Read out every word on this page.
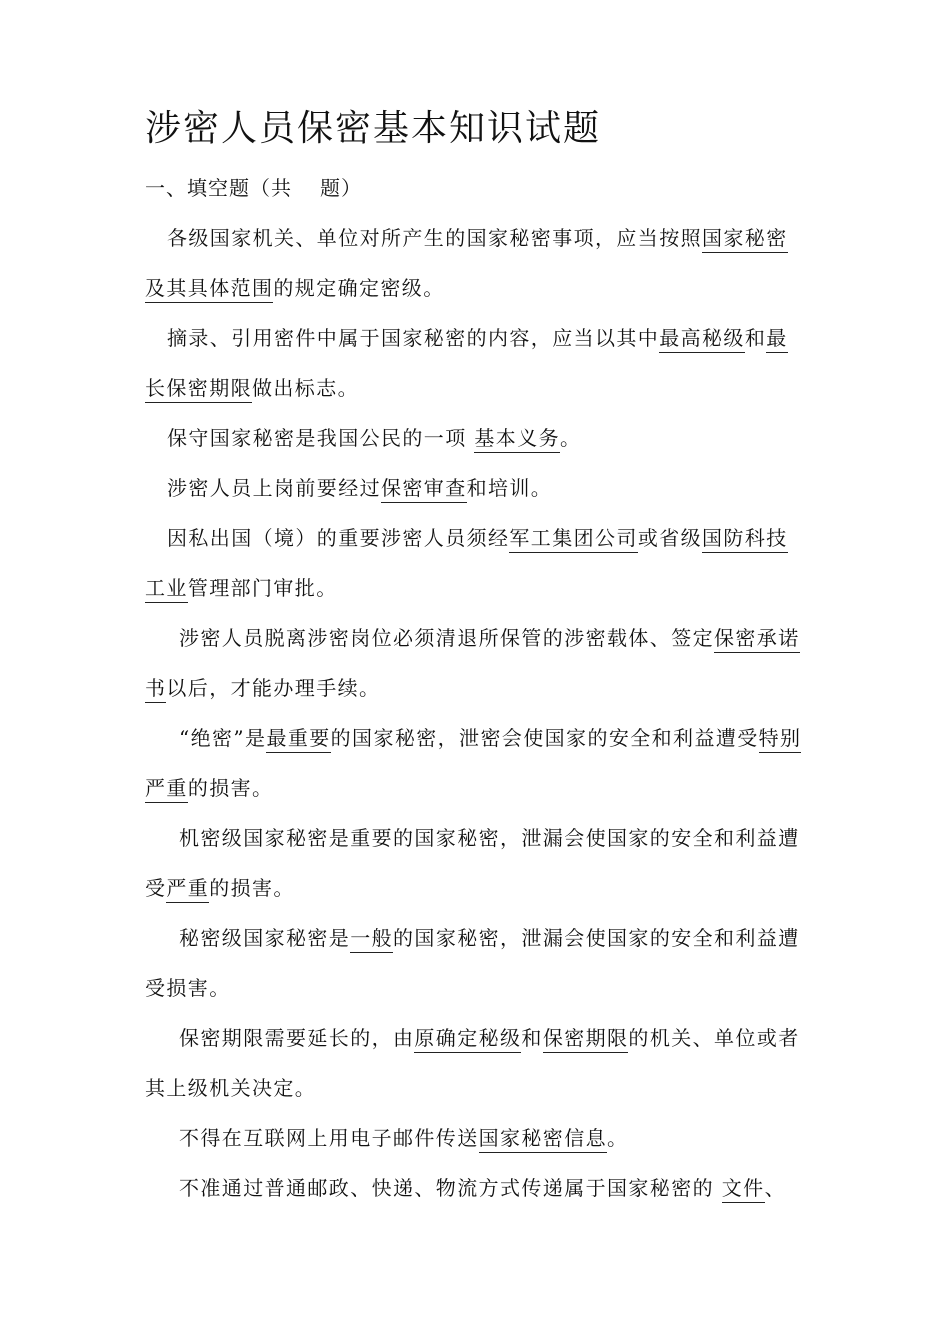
涉密人员保密基本知识试题
一、填空题（共 题）

各级国家机关、单位对所产生的国家秘密事项，应当按照国家秘密及其具体范围的规定确定密级。

摘录、引用密件中属于国家秘密的内容，应当以其中最高秘级和最长保密期限做出标志。

保守国家秘密是我国公民的一项 基本义务。

涉密人员上岗前要经过保密审查和培训。

因私出国（境）的重要涉密人员须经军工集团公司或省级国防科技工业管理部门审批。

涉密人员脱离涉密岗位必须清退所保管的涉密载体、签定保密承诺书以后，才能办理手续。

“绝密”是最重要的国家秘密，泄密会使国家的安全和利益遭受特别严重的损害。

机密级国家秘密是重要的国家秘密，泄漏会使国家的安全和利益遭受严重的损害。

秘密级国家秘密是一般的国家秘密，泄漏会使国家的安全和利益遭受损害。

保密期限需要延长的，由原确定秘级和保密期限的机关、单位或者其上级机关决定。

不得在互联网上用电子邮件传送国家秘密信息。

不准通过普通邮政、快递、物流方式传递属于国家秘密的 文件、
